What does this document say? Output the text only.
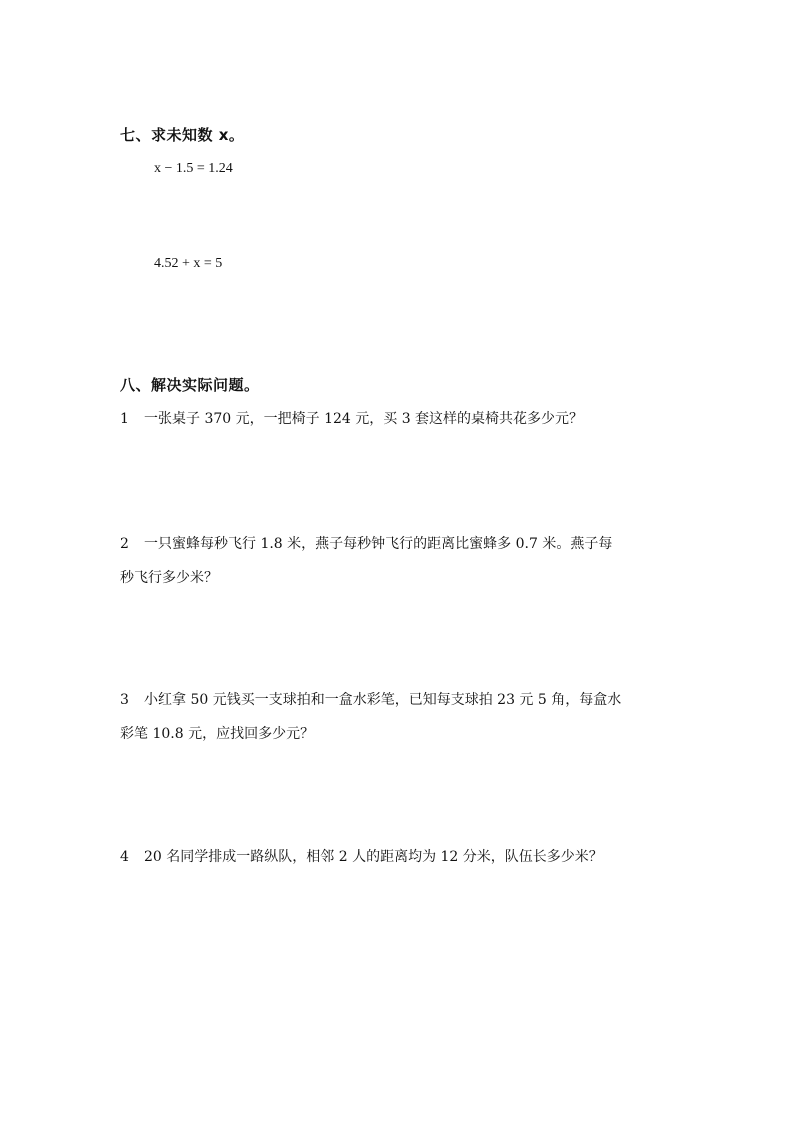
七、求未知数 x。
x − 1.5 = 1.24
4.52 + x = 5
八、解决实际问题。
1 一张桌子 370 元，一把椅子 124 元，买 3 套这样的桌椅共花多少元？
2 一只蜜蜂每秒飞行 1.8 米，燕子每秒钟飞行的距离比蜜蜂多 0.7 米。燕子每
秒飞行多少米？
3 小红拿 50 元钱买一支球拍和一盒水彩笔，已知每支球拍 23 元 5 角，每盒水
彩笔 10.8 元，应找回多少元？
4 20 名同学排成一路纵队，相邻 2 人的距离均为 12 分米，队伍长多少米？
